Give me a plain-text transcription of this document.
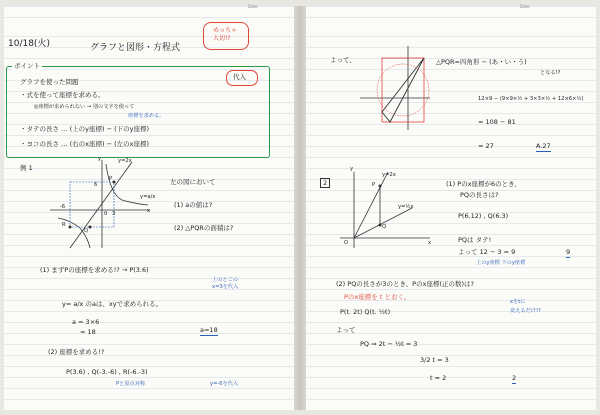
Date	Date
10/18(火)	グラフと図形・方程式
めっちゃ
大切!?
ポイント
代入
グラフを使った問題
・式を使って座標を求める。
◎座標が求められない → 別の文字を使って
座標を求める。
・タテの長さ … (上のy座標) − (下のy座標)
・ヨコの長さ … (右のx座標) − (左のx座標)
例 1
y=2x
y=a/x
P
R
Q
-6
3
6
x
y
0
左の図において
(1) aの値は?
(2) △PQRの面積は?
(1) まずPの座標を求める!? → P(3.6)
上のとこの
x=3を代入
y= a/x のaは、xyで求められる。
a = 3×6
= 18	a=18
(2) 座標を求める!?
P(3.6) , Q(-3.-6) , R(-6.-3)
Pと原点対称	y=-6を代入
よって、	△PQR=四角形 − (あ・い・う)
となる!?
12×9 − (9×9×½ + 3×3×½ + 12×6×½)
= 108 − 81
= 27	A.27
2
y=2x
y=½x
P
Q
O	x
y
(1) Pのx座標が6のとき、
PQの長さは?
P(6.12) , Q(6.3)
PQは タテ!
よって 12 − 3 = 9
上のy座標 下のy座標
9
(2) PQの長さが3のとき、Pのx座標(正の数)は?
Pのx座標を t とおく。
xをtに
変えるだけ!?
P(t. 2t) Q(t. ½t)
よって
PQ ⇒ 2t − ½t = 3
3/2 t = 3
t = 2	2
